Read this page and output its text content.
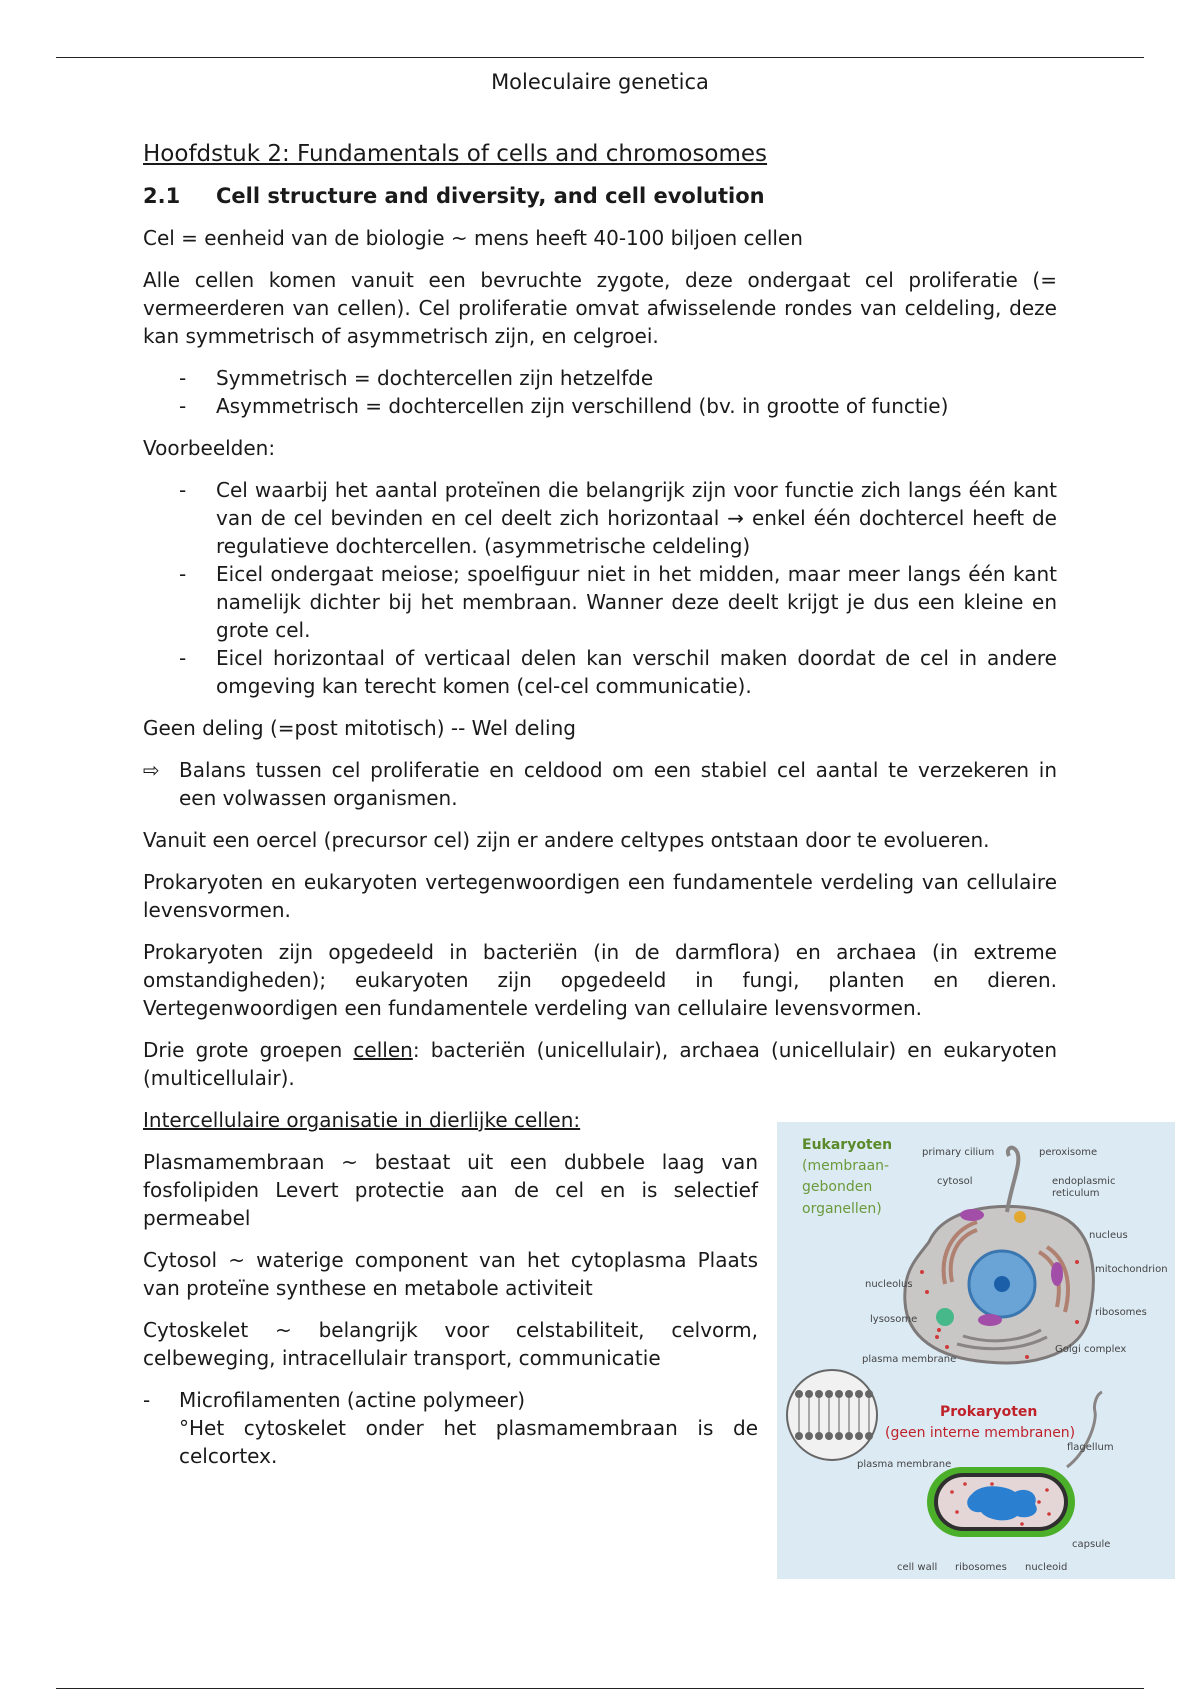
Moleculaire genetica

Hoofdstuk 2: Fundamentals of cells and chromosomes

2.1 Cell structure and diversity, and cell evolution

Cel = eenheid van de biologie ~ mens heeft 40-100 biljoen cellen

Alle cellen komen vanuit een bevruchte zygote, deze ondergaat cel proliferatie (= vermeerderen van cellen). Cel proliferatie omvat afwisselende rondes van celdeling, deze kan symmetrisch of asymmetrisch zijn, en celgroei.

- Symmetrisch = dochtercellen zijn hetzelfde
- Asymmetrisch = dochtercellen zijn verschillend (bv. in grootte of functie)

Voorbeelden:

- Cel waarbij het aantal proteïnen die belangrijk zijn voor functie zich langs één kant van de cel bevinden en cel deelt zich horizontaal → enkel één dochtercel heeft de regulatieve dochtercellen. (asymmetrische celdeling)
- Eicel ondergaat meiose; spoelfiguur niet in het midden, maar meer langs één kant namelijk dichter bij het membraan. Wanner deze deelt krijgt je dus een kleine en grote cel.
- Eicel horizontaal of verticaal delen kan verschil maken doordat de cel in andere omgeving kan terecht komen (cel-cel communicatie).

Geen deling (=post mitotisch) -- Wel deling

⇨ Balans tussen cel proliferatie en celdood om een stabiel cel aantal te verzekeren in een volwassen organismen.

Vanuit een oercel (precursor cel) zijn er andere celtypes ontstaan door te evolueren.

Prokaryoten en eukaryoten vertegenwoordigen een fundamentele verdeling van cellulaire levensvormen.

Prokaryoten zijn opgedeeld in bacteriën (in de darmflora) en archaea (in extreme omstandigheden); eukaryoten zijn opgedeeld in fungi, planten en dieren. Vertegenwoordigen een fundamentele verdeling van cellulaire levensvormen.

Drie grote groepen cellen: bacteriën (unicellulair), archaea (unicellulair) en eukaryoten (multicellulair).

Intercellulaire organisatie in dierlijke cellen:

Plasmamembraan ~ bestaat uit een dubbele laag van fosfolipiden Levert protectie aan de cel en is selectief permeabel

Cytosol ~ waterige component van het cytoplasma Plaats van proteïne synthese en metabole activiteit

Cytoskelet ~ belangrijk voor celstabiliteit, celvorm, celbeweging, intracellulair transport, communicatie

- Microfilamenten (actine polymeer)
°Het cytoskelet onder het plasmamembraan is de celcortex.
Eukaryoten
(membraan-
gebonden
organellen)
primary cilium	peroxisome
cytosol	endoplasmic
reticulum
nucleus
mitochondrion
nucleolus
ribosomes
lysosome
Golgi complex
plasma membrane
Prokaryoten
(geen interne membranen)
flagellum
plasma membrane
capsule
cell wall ribosomes nucleoid
